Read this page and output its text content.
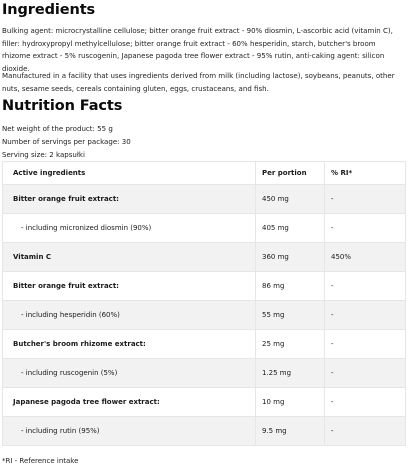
Ingredients
Bulking agent: microcrystalline cellulose; bitter orange fruit extract - 90% diosmin, L-ascorbic acid (vitamin C), filler: hydroxypropyl methylcellulose; bitter orange fruit extract - 60% hesperidin, starch, butcher's broom rhizome extract - 5% ruscogenin, Japanese pagoda tree flower extract - 95% rutin, anti-caking agent: silicon dioxide.
Manufactured in a facility that uses ingredients derived from milk (including lactose), soybeans, peanuts, other nuts, sesame seeds, cereals containing gluten, eggs, crustaceans, and fish.
Nutrition Facts
Net weight of the product: 55 g
Number of servings per package: 30
Serving size: 2 kapsułki
Active ingredients	Per portion	% RI*
Bitter orange fruit extract:	450 mg	-
- including micronized diosmin (90%)	405 mg	-
Vitamin C	360 mg	450%
Bitter orange fruit extract:	86 mg	-
- including hesperidin (60%)	55 mg	-
Butcher's broom rhizome extract:	25 mg	-
- including ruscogenin (5%)	1.25 mg	-
Japanese pagoda tree flower extract:	10 mg	-
- including rutin (95%)	9.5 mg	-
*RI - Reference intake
